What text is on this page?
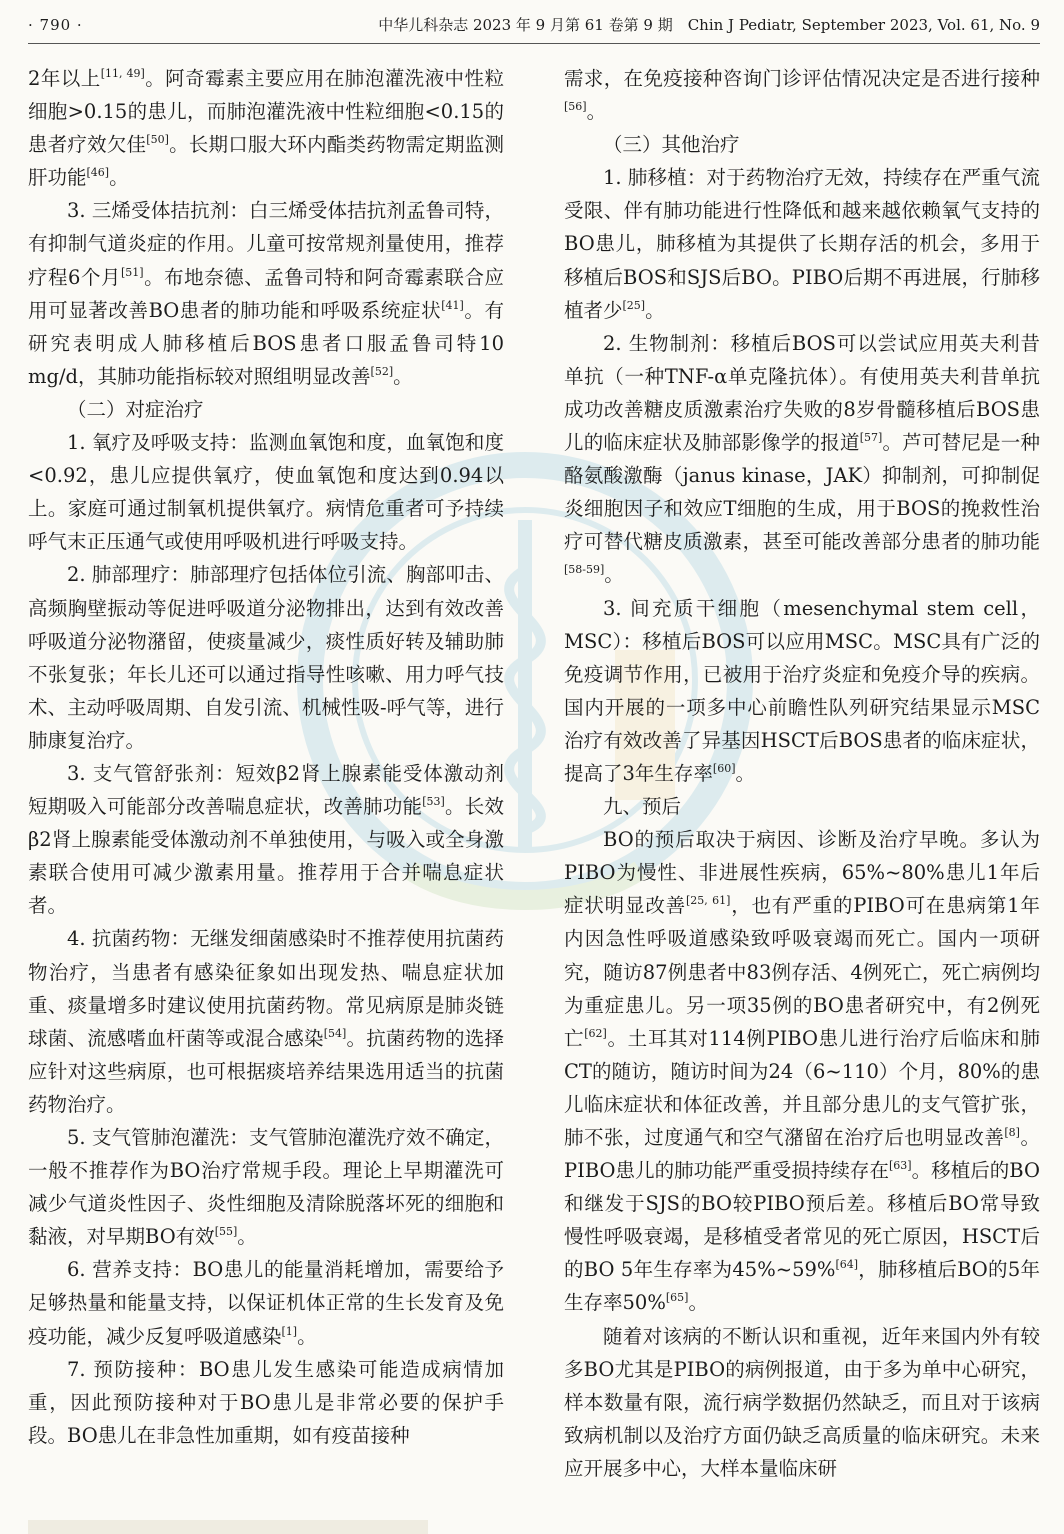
· 790 ·	中华儿科杂志 2023 年 9 月第 61 卷第 9 期　Chin J Pediatr, September 2023, Vol. 61, No. 9

2年以上[11, 49]。阿奇霉素主要应用在肺泡灌洗液中性粒细胞>0.15的患儿，而肺泡灌洗液中性粒细胞<0.15的患者疗效欠佳[50]。长期口服大环内酯类药物需定期监测肝功能[46]。

3. 三烯受体拮抗剂：白三烯受体拮抗剂孟鲁司特，有抑制气道炎症的作用。儿童可按常规剂量使用，推荐疗程6个月[51]。布地奈德、孟鲁司特和阿奇霉素联合应用可显著改善BO患者的肺功能和呼吸系统症状[41]。有研究表明成人肺移植后BOS患者口服孟鲁司特10 mg/d，其肺功能指标较对照组明显改善[52]。

（二）对症治疗

1. 氧疗及呼吸支持：监测血氧饱和度，血氧饱和度<0.92，患儿应提供氧疗，使血氧饱和度达到0.94以上。家庭可通过制氧机提供氧疗。病情危重者可予持续呼气末正压通气或使用呼吸机进行呼吸支持。

2. 肺部理疗：肺部理疗包括体位引流、胸部叩击、高频胸壁振动等促进呼吸道分泌物排出，达到有效改善呼吸道分泌物潴留，使痰量减少，痰性质好转及辅助肺不张复张；年长儿还可以通过指导性咳嗽、用力呼气技术、主动呼吸周期、自发引流、机械性吸-呼气等，进行肺康复治疗。

3. 支气管舒张剂：短效β2肾上腺素能受体激动剂短期吸入可能部分改善喘息症状，改善肺功能[53]。长效β2肾上腺素能受体激动剂不单独使用，与吸入或全身激素联合使用可减少激素用量。推荐用于合并喘息症状者。

4. 抗菌药物：无继发细菌感染时不推荐使用抗菌药物治疗，当患者有感染征象如出现发热、喘息症状加重、痰量增多时建议使用抗菌药物。常见病原是肺炎链球菌、流感嗜血杆菌等或混合感染[54]。抗菌药物的选择应针对这些病原，也可根据痰培养结果选用适当的抗菌药物治疗。

5. 支气管肺泡灌洗：支气管肺泡灌洗疗效不确定，一般不推荐作为BO治疗常规手段。理论上早期灌洗可减少气道炎性因子、炎性细胞及清除脱落坏死的细胞和黏液，对早期BO有效[55]。

6. 营养支持：BO患儿的能量消耗增加，需要给予足够热量和能量支持，以保证机体正常的生长发育及免疫功能，减少反复呼吸道感染[1]。

7. 预防接种：BO患儿发生感染可能造成病情加重，因此预防接种对于BO患儿是非常必要的保护手段。BO患儿在非急性加重期，如有疫苗接种

需求，在免疫接种咨询门诊评估情况决定是否进行接种[56]。

（三）其他治疗

1. 肺移植：对于药物治疗无效，持续存在严重气流受限、伴有肺功能进行性降低和越来越依赖氧气支持的BO患儿，肺移植为其提供了长期存活的机会，多用于移植后BOS和SJS后BO。PIBO后期不再进展，行肺移植者少[25]。

2. 生物制剂：移植后BOS可以尝试应用英夫利昔单抗（一种TNF-α单克隆抗体）。有使用英夫利昔单抗成功改善糖皮质激素治疗失败的8岁骨髓移植后BOS患儿的临床症状及肺部影像学的报道[57]。芦可替尼是一种酪氨酸激酶（janus kinase，JAK）抑制剂，可抑制促炎细胞因子和效应T细胞的生成，用于BOS的挽救性治疗可替代糖皮质激素，甚至可能改善部分患者的肺功能[58-59]。

3. 间充质干细胞（mesenchymal stem cell，MSC）：移植后BOS可以应用MSC。MSC具有广泛的免疫调节作用，已被用于治疗炎症和免疫介导的疾病。国内开展的一项多中心前瞻性队列研究结果显示MSC治疗有效改善了异基因HSCT后BOS患者的临床症状，提高了3年生存率[60]。

九、预后

BO的预后取决于病因、诊断及治疗早晚。多认为PIBO为慢性、非进展性疾病，65%~80%患儿1年后症状明显改善[25, 61]，也有严重的PIBO可在患病第1年内因急性呼吸道感染致呼吸衰竭而死亡。国内一项研究，随访87例患者中83例存活、4例死亡，死亡病例均为重症患儿。另一项35例的BO患者研究中，有2例死亡[62]。土耳其对114例PIBO患儿进行治疗后临床和肺CT的随访，随访时间为24（6~110）个月，80%的患儿临床症状和体征改善，并且部分患儿的支气管扩张，肺不张，过度通气和空气潴留在治疗后也明显改善[8]。PIBO患儿的肺功能严重受损持续存在[63]。移植后的BO和继发于SJS的BO较PIBO预后差。移植后BO常导致慢性呼吸衰竭，是移植受者常见的死亡原因，HSCT后的BO 5年生存率为45%~59%[64]，肺移植后BO的5年生存率50%[65]。

随着对该病的不断认识和重视，近年来国内外有较多BO尤其是PIBO的病例报道，由于多为单中心研究，样本数量有限，流行病学数据仍然缺乏，而且对于该病致病机制以及治疗方面仍缺乏高质量的临床研究。未来应开展多中心，大样本量临床研
